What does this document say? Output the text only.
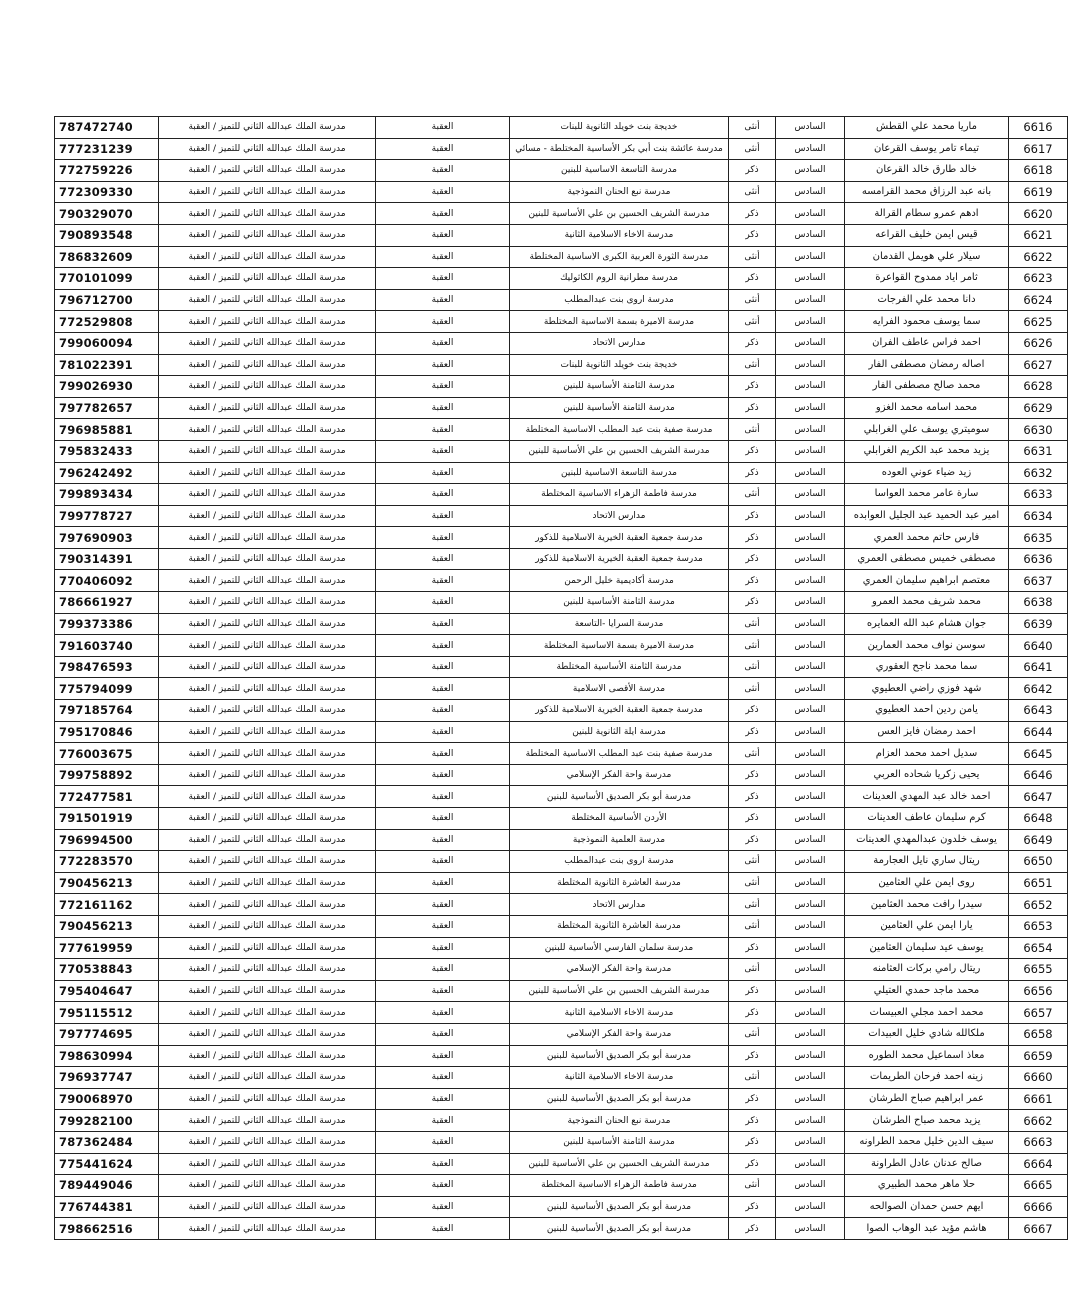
787472740	مدرسة الملك عبدالله الثاني للتميز / العقبة	العقبة	خديجة بنت خويلد الثانوية للبنات	أنثى	السادس	ماريا محمد علي القطش	6616
777231239	مدرسة الملك عبدالله الثاني للتميز / العقبة	العقبة	مدرسة عائشة بنت أبي بكر الأساسية المختلطة - مسائي	أنثى	السادس	تيماء تامر يوسف القرعان	6617
772759226	مدرسة الملك عبدالله الثاني للتميز / العقبة	العقبة	مدرسة التاسعة الاساسية للبنين	ذكر	السادس	خالد طارق خالد القرعان	6618
772309330	مدرسة الملك عبدالله الثاني للتميز / العقبة	العقبة	مدرسة نبع الحنان النموذجية	أنثى	السادس	بانه عبد الرزاق محمد القرامسه	6619
790329070	مدرسة الملك عبدالله الثاني للتميز / العقبة	العقبة	مدرسة الشريف الحسين بن علي الأساسية للبنين	ذكر	السادس	ادهم عمرو سطام القرالة	6620
790893548	مدرسة الملك عبدالله الثاني للتميز / العقبة	العقبة	مدرسة الاخاء الاسلامية الثانية	ذكر	السادس	قيس ايمن خليف القراعه	6621
786832609	مدرسة الملك عبدالله الثاني للتميز / العقبة	العقبة	مدرسة الثورة العربية الكبرى الاساسية المختلطة	أنثى	السادس	سيلار علي هويمل القدمان	6622
770101099	مدرسة الملك عبدالله الثاني للتميز / العقبة	العقبة	مدرسة مطرانية الروم الكاثوليك	ذكر	السادس	ثامر اياد ممدوح القواعرة	6623
796712700	مدرسة الملك عبدالله الثاني للتميز / العقبة	العقبة	مدرسة اروى بنت عبدالمطلب	أنثى	السادس	دانا محمد علي الفرجات	6624
772529808	مدرسة الملك عبدالله الثاني للتميز / العقبة	العقبة	مدرسة الاميرة بسمة الاساسية المختلطة	أنثى	السادس	سما يوسف محمود الفرايه	6625
799060094	مدرسة الملك عبدالله الثاني للتميز / العقبة	العقبة	مدارس الاتحاد	ذكر	السادس	احمد فراس عاطف الفران	6626
781022391	مدرسة الملك عبدالله الثاني للتميز / العقبة	العقبة	خديجة بنت خويلد الثانوية للبنات	أنثى	السادس	اصاله رمضان مصطفى الفار	6627
799026930	مدرسة الملك عبدالله الثاني للتميز / العقبة	العقبة	مدرسة الثامنة الأساسية للبنين	ذكر	السادس	محمد صالح مصطفى الفار	6628
797782657	مدرسة الملك عبدالله الثاني للتميز / العقبة	العقبة	مدرسة الثامنة الأساسية للبنين	ذكر	السادس	محمد اسامه محمد الغزو	6629
796985881	مدرسة الملك عبدالله الثاني للتميز / العقبة	العقبة	مدرسة صفية بنت عبد المطلب الاساسية المختلطة	أنثى	السادس	سوميتري يوسف علي الغرابلي	6630
795832433	مدرسة الملك عبدالله الثاني للتميز / العقبة	العقبة	مدرسة الشريف الحسين بن علي الأساسية للبنين	ذكر	السادس	يزيد محمد عبد الكريم الغرابلي	6631
796242492	مدرسة الملك عبدالله الثاني للتميز / العقبة	العقبة	مدرسة التاسعة الاساسية للبنين	ذكر	السادس	زيد ضياء عوني العوده	6632
799893434	مدرسة الملك عبدالله الثاني للتميز / العقبة	العقبة	مدرسة فاطمة الزهراء الاساسية المختلطة	أنثى	السادس	سارة عامر محمد العواسا	6633
799778727	مدرسة الملك عبدالله الثاني للتميز / العقبة	العقبة	مدارس الاتحاد	ذكر	السادس	امير عبد الحميد عبد الجليل العوابده	6634
797690903	مدرسة الملك عبدالله الثاني للتميز / العقبة	العقبة	مدرسة جمعية العقبة الخيرية الاسلامية للذكور	ذكر	السادس	فارس حاتم محمد العمري	6635
790314391	مدرسة الملك عبدالله الثاني للتميز / العقبة	العقبة	مدرسة جمعية العقبة الخيرية الاسلامية للذكور	ذكر	السادس	مصطفى خميس مصطفى العمري	6636
770406092	مدرسة الملك عبدالله الثاني للتميز / العقبة	العقبة	مدرسة أكاديمية خليل الرحمن	ذكر	السادس	معتصم ابراهيم سليمان العمري	6637
786661927	مدرسة الملك عبدالله الثاني للتميز / العقبة	العقبة	مدرسة الثامنة الأساسية للبنين	ذكر	السادس	محمد شريف محمد العمرو	6638
799373386	مدرسة الملك عبدالله الثاني للتميز / العقبة	العقبة	مدرسة السرايا -التاسعة	أنثى	السادس	جوان هشام عبد الله العمايره	6639
791603740	مدرسة الملك عبدالله الثاني للتميز / العقبة	العقبة	مدرسة الاميرة بسمة الاساسية المختلطة	أنثى	السادس	سوسن نواف محمد العمارين	6640
798476593	مدرسة الملك عبدالله الثاني للتميز / العقبة	العقبة	مدرسة الثامنة الأساسية المختلطة	أنثى	السادس	سما محمد ناجح العقوري	6641
775794099	مدرسة الملك عبدالله الثاني للتميز / العقبة	العقبة	مدرسة الأقصى الاسلامية	أنثى	السادس	شهد فوزي راضي العطيوي	6642
797185764	مدرسة الملك عبدالله الثاني للتميز / العقبة	العقبة	مدرسة جمعية العقبة الخيرية الاسلامية للذكور	ذكر	السادس	يامن ردين احمد العطيوي	6643
795170846	مدرسة الملك عبدالله الثاني للتميز / العقبة	العقبة	مدرسة ايلة الثانوية للبنين	ذكر	السادس	احمد رمضان فايز العس	6644
776003675	مدرسة الملك عبدالله الثاني للتميز / العقبة	العقبة	مدرسة صفية بنت عبد المطلب الاساسية المختلطة	أنثى	السادس	سديل احمد محمد العزام	6645
799758892	مدرسة الملك عبدالله الثاني للتميز / العقبة	العقبة	مدرسة واحة الفكر الإسلامي	ذكر	السادس	يحيى زكريا شحاده العربي	6646
772477581	مدرسة الملك عبدالله الثاني للتميز / العقبة	العقبة	مدرسة أبو بكر الصديق الأساسية للبنين	ذكر	السادس	احمد خالد عبد المهدي العدينات	6647
791501919	مدرسة الملك عبدالله الثاني للتميز / العقبة	العقبة	الأردن الأساسية المختلطة	ذكر	السادس	كرم سليمان عاطف العدينات	6648
796994500	مدرسة الملك عبدالله الثاني للتميز / العقبة	العقبة	مدرسة العلمية النموذجية	ذكر	السادس	يوسف خلدون عبدالمهدي العدينات	6649
772283570	مدرسة الملك عبدالله الثاني للتميز / العقبة	العقبة	مدرسة اروى بنت عبدالمطلب	أنثى	السادس	ريتال ساري نايل العجارمة	6650
790456213	مدرسة الملك عبدالله الثاني للتميز / العقبة	العقبة	مدرسة العاشرة الثانوية المختلطة	أنثى	السادس	روى ايمن علي العثامين	6651
772161162	مدرسة الملك عبدالله الثاني للتميز / العقبة	العقبة	مدارس الاتحاد	أنثى	السادس	سيدرا رافت محمد العثامين	6652
790456213	مدرسة الملك عبدالله الثاني للتميز / العقبة	العقبة	مدرسة العاشرة الثانوية المختلطة	أنثى	السادس	يارا ايمن علي العثامين	6653
777619959	مدرسة الملك عبدالله الثاني للتميز / العقبة	العقبة	مدرسة سلمان الفارسي الأساسية للبنين	ذكر	السادس	يوسف عيد سليمان العثامين	6654
770538843	مدرسة الملك عبدالله الثاني للتميز / العقبة	العقبة	مدرسة واحة الفكر الإسلامي	أنثى	السادس	ريتال رامي بركات العثامنه	6655
795404647	مدرسة الملك عبدالله الثاني للتميز / العقبة	العقبة	مدرسة الشريف الحسين بن علي الأساسية للبنين	ذكر	السادس	محمد ماجد حمدي العتيلي	6656
795115512	مدرسة الملك عبدالله الثاني للتميز / العقبة	العقبة	مدرسة الاخاء الاسلامية الثانية	ذكر	السادس	محمد احمد مجلي العبيسات	6657
797774695	مدرسة الملك عبدالله الثاني للتميز / العقبة	العقبة	مدرسة واحة الفكر الإسلامي	أنثى	السادس	ملكالله شادي خليل العبيدات	6658
798630994	مدرسة الملك عبدالله الثاني للتميز / العقبة	العقبة	مدرسة أبو بكر الصديق الأساسية للبنين	ذكر	السادس	معاذ اسماعيل محمد الطوره	6659
796937747	مدرسة الملك عبدالله الثاني للتميز / العقبة	العقبة	مدرسة الاخاء الاسلامية الثانية	أنثى	السادس	زينه احمد فرحان الطريمات	6660
790068970	مدرسة الملك عبدالله الثاني للتميز / العقبة	العقبة	مدرسة أبو بكر الصديق الأساسية للبنين	ذكر	السادس	عمر ابراهيم صباح الطرشان	6661
799282100	مدرسة الملك عبدالله الثاني للتميز / العقبة	العقبة	مدرسة نبع الحنان النموذجية	ذكر	السادس	يزيد محمد صباح الطرشان	6662
787362484	مدرسة الملك عبدالله الثاني للتميز / العقبة	العقبة	مدرسة الثامنة الأساسية للبنين	ذكر	السادس	سيف الدين خليل محمد الطراونه	6663
775441624	مدرسة الملك عبدالله الثاني للتميز / العقبة	العقبة	مدرسة الشريف الحسين بن علي الأساسية للبنين	ذكر	السادس	صالح عدنان عادل الطراونة	6664
789449046	مدرسة الملك عبدالله الثاني للتميز / العقبة	العقبة	مدرسة فاطمة الزهراء الاساسية المختلطة	أنثى	السادس	حلا ماهر محمد الطبيري	6665
776744381	مدرسة الملك عبدالله الثاني للتميز / العقبة	العقبة	مدرسة أبو بكر الصديق الأساسية للبنين	ذكر	السادس	ايهم حسن حمدان الصوالحه	6666
798662516	مدرسة الملك عبدالله الثاني للتميز / العقبة	العقبة	مدرسة أبو بكر الصديق الأساسية للبنين	ذكر	السادس	هاشم مؤيد عبد الوهاب الصوا	6667
